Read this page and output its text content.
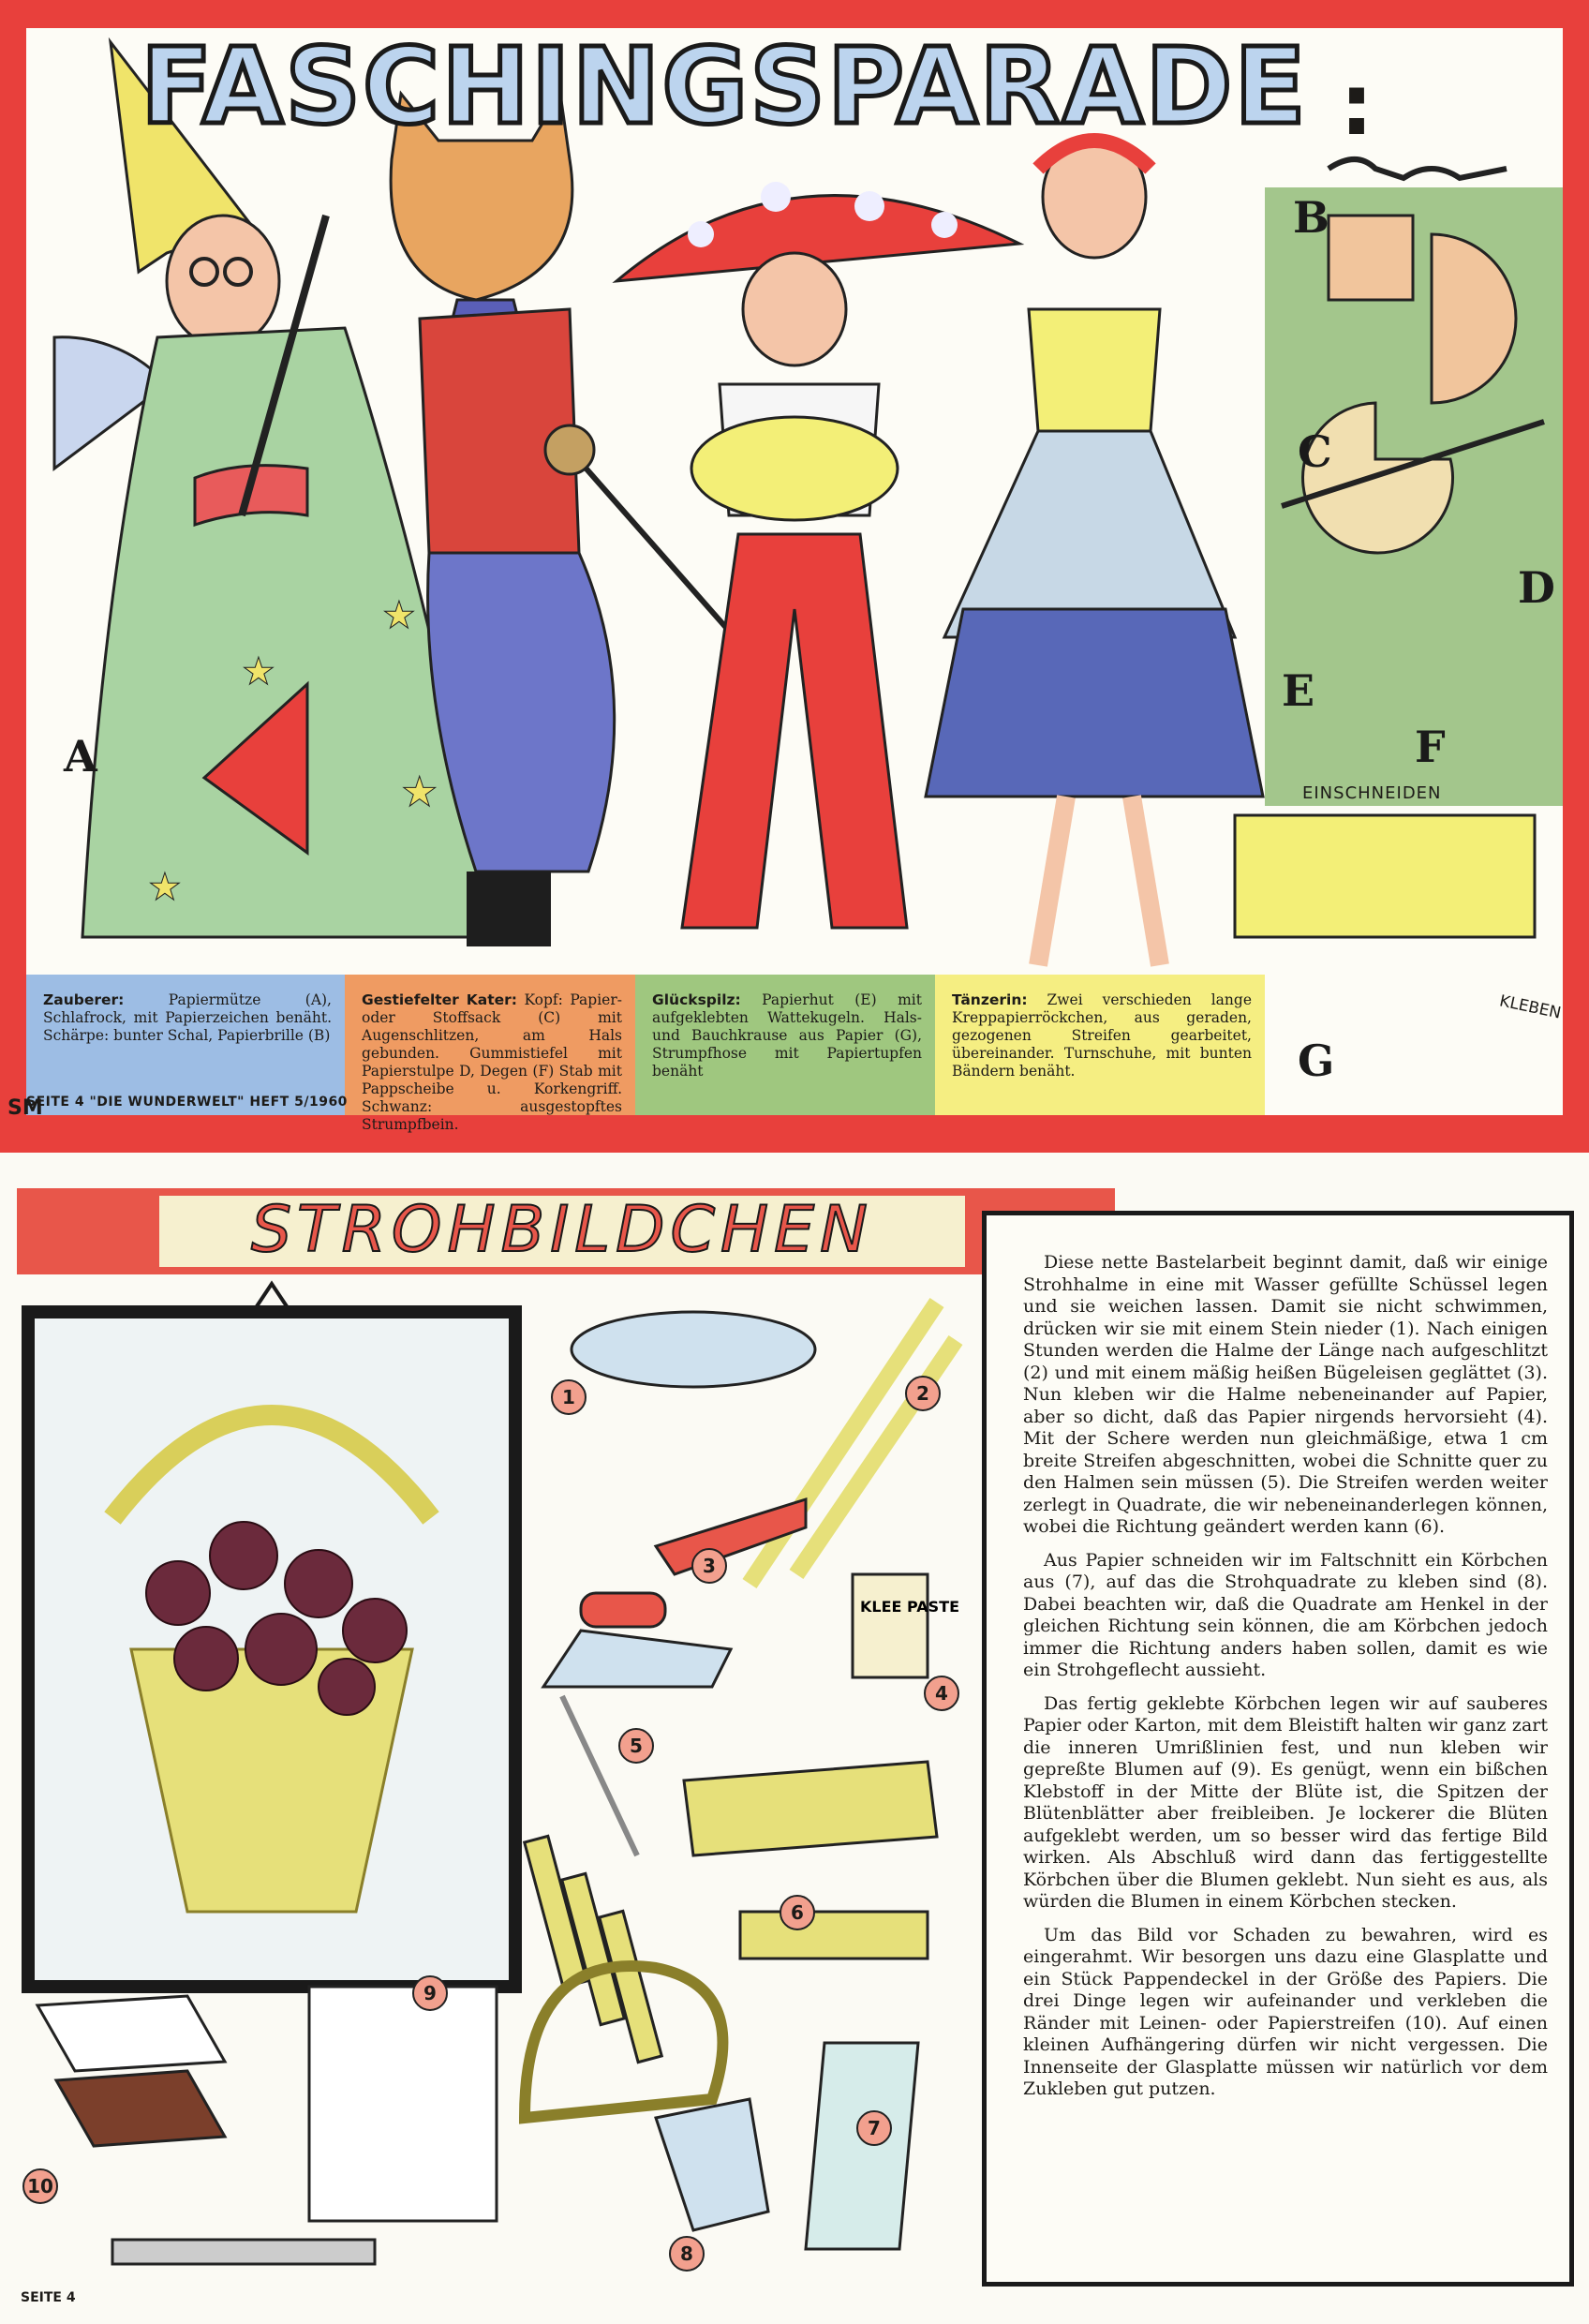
★
★
★
★
FASCHINGSPARADE :
A
B
C
D
E
F
G
EINSCHNEIDEN
KLEBEN
Zauberer: Papiermütze (A), Schlafrock, mit Papierzeichen benäht. Schärpe: bunter Schal, Papierbrille (B)
Gestiefelter Kater: Kopf: Papier- oder Stoffsack (C) mit Augenschlitzen, am Hals gebunden. Gummistiefel mit Papierstulpe D, Degen (F) Stab mit Pappscheibe u. Korkengriff. Schwanz: ausgestopftes Strumpfbein.
Glückspilz: Papierhut (E) mit aufgeklebten Wattekugeln. Hals- und Bauchkrause aus Papier (G), Strumpfhose mit Papiertupfen benäht
Tänzerin: Zwei verschieden lange Kreppapierröckchen, aus geraden, gezogenen Streifen gearbeitet, übereinander. Turnschuhe, mit bunten Bändern benäht.
SEITE 4 "DIE WUNDERWELT" HEFT 5/1960
SM
STROHBILDCHEN
KLEE PASTE
1	2
3
4
5
6
7
8
9
10

Diese nette Bastelarbeit beginnt damit, daß wir einige Strohhalme in eine mit Wasser gefüllte Schüssel legen und sie weichen lassen. Damit sie nicht schwimmen, drücken wir sie mit einem Stein nieder (1). Nach einigen Stunden werden die Halme der Länge nach aufgeschlitzt (2) und mit einem mäßig heißen Bügeleisen geglättet (3). Nun kleben wir die Halme nebeneinander auf Papier, aber so dicht, daß das Papier nirgends hervorsieht (4). Mit der Schere werden nun gleichmäßige, etwa 1 cm breite Streifen abgeschnitten, wobei die Schnitte quer zu den Halmen sein müssen (5). Die Streifen werden weiter zerlegt in Quadrate, die wir nebeneinanderlegen können, wobei die Richtung geändert werden kann (6).

Aus Papier schneiden wir im Faltschnitt ein Körbchen aus (7), auf das die Strohquadrate zu kleben sind (8). Dabei beachten wir, daß die Quadrate am Henkel in der gleichen Richtung sein können, die am Körbchen jedoch immer die Richtung anders haben sollen, damit es wie ein Strohgeflecht aussieht.

Das fertig geklebte Körbchen legen wir auf sauberes Papier oder Karton, mit dem Bleistift halten wir ganz zart die inneren Umrißlinien fest, und nun kleben wir gepreßte Blumen auf (9). Es genügt, wenn ein bißchen Klebstoff in der Mitte der Blüte ist, die Spitzen der Blütenblätter aber freibleiben. Je lockerer die Blüten aufgeklebt werden, um so besser wird das fertige Bild wirken. Als Abschluß wird dann das fertiggestellte Körbchen über die Blumen geklebt. Nun sieht es aus, als würden die Blumen in einem Körbchen stecken.

Um das Bild vor Schaden zu bewahren, wird es eingerahmt. Wir besorgen uns dazu eine Glasplatte und ein Stück Pappendeckel in der Größe des Papiers. Die drei Dinge legen wir aufeinander und verkleben die Ränder mit Leinen- oder Papierstreifen (10). Auf einen kleinen Aufhängering dürfen wir nicht vergessen. Die Innenseite der Glasplatte müssen wir natürlich vor dem Zukleben gut putzen.

SEITE 4
